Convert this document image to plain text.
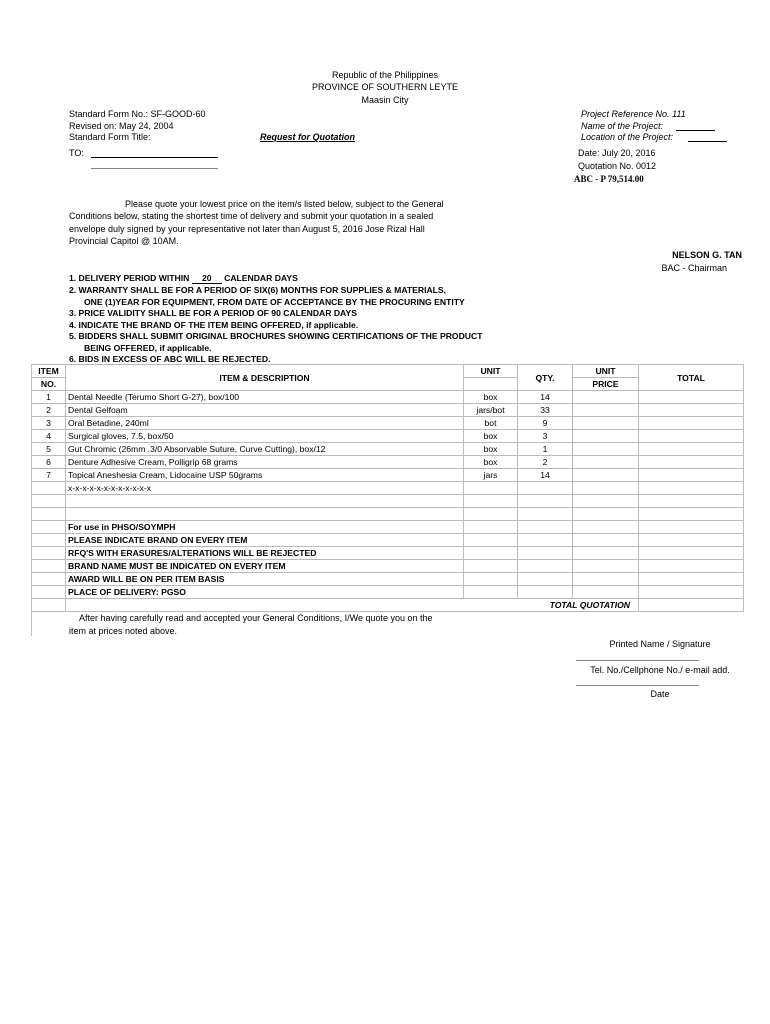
Republic of the Philippines
PROVINCE OF SOUTHERN LEYTE
Maasin City
Standard Form No.: SF-GOOD-60
Revised on: May 24, 2004
Standard Form Title:	Request for Quotation
TO:
Project Reference No. 111
Name of the Project:
Location of the Project:
Date: July 20, 2016
Quotation No. 0012
ABC - P 79,514.00
Please quote your lowest price on the item/s listed below, subject to the General
Conditions below, stating the shortest time of delivery and submit your quotation in a sealed
envelope duly signed by your representative not later than August 5, 2016 Jose Rizal Hall
Provincial Capitol @ 10AM.
NELSON G. TAN
BAC - Chairman
1. DELIVERY PERIOD WITHIN 20 CALENDAR DAYS
2. WARRANTY SHALL BE FOR A PERIOD OF SIX(6) MONTHS FOR SUPPLIES & MATERIALS,
ONE (1)YEAR FOR EQUIPMENT, FROM DATE OF ACCEPTANCE BY THE PROCURING ENTITY
3. PRICE VALIDITY SHALL BE FOR A PERIOD OF 90 CALENDAR DAYS
4. INDICATE THE BRAND OF THE ITEM BEING OFFERED, if applicable.
5. BIDDERS SHALL SUBMIT ORIGINAL BROCHURES SHOWING CERTIFICATIONS OF THE PRODUCT
BEING OFFERED, if applicable.
6. BIDS IN EXCESS OF ABC WILL BE REJECTED.
ITEM	ITEM & DESCRIPTION	UNIT	QTY.	UNIT	TOTAL
NO.				PRICE	
1	Dental Needle (Terumo Short G-27), box/100	box	14		
2	Dental Gelfoam	jars/bot	33		
3	Oral Betadine, 240ml	bot	9		
4	Surgical gloves, 7.5, box/50	box	3		
5	Gut Chromic (26mm .3/0 Absorvable Suture, Curve Cutting), box/12	box	1		
6	Denture Adhesive Cream, Polligrip 68 grams	box	2		
7	Topical Aneshesia Cream, Lidocaine USP 50grams	jars	14		
	x-x-x-x-x-x-x-x-x-x-x-x				

	For use in PHSO/SOYMPH				
	PLEASE INDICATE BRAND ON EVERY ITEM				
	RFQ'S WITH ERASURES/ALTERATIONS WILL BE REJECTED				
	BRAND NAME MUST BE INDICATED ON EVERY ITEM				
	AWARD WILL BE ON PER ITEM BASIS				
	PLACE OF DELIVERY: PGSO				
	TOTAL QUOTATION				
After having carefully read and accepted your General Conditions, I/We quote you on the
item at prices noted above.
Printed Name / Signature
Tel. No./Cellphone No./ e-mail add.
Date
